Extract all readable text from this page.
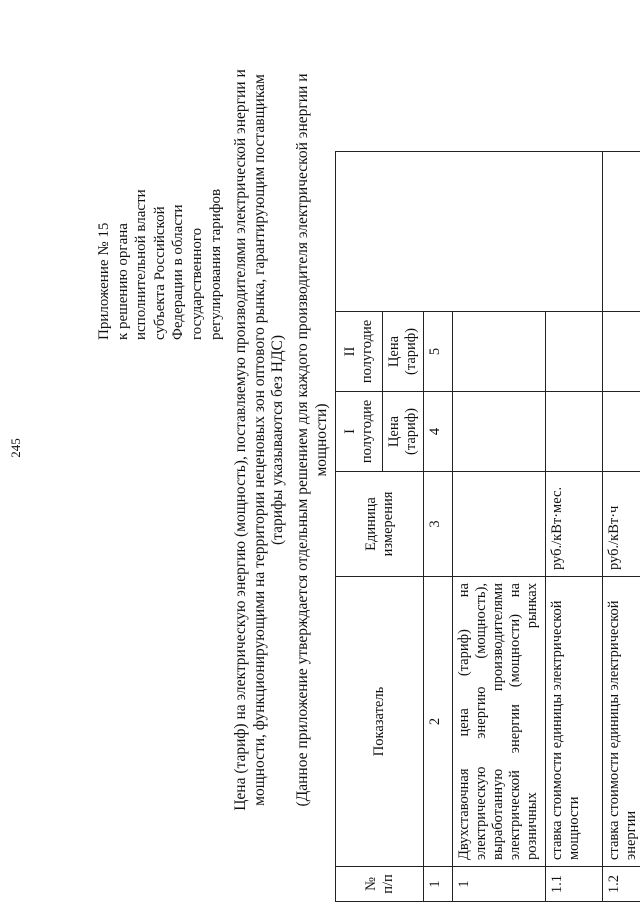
245
Приложение № 15 к решению органа исполнительной власти субъекта Российской Федерации в области государственного регулирования тарифов Цена (тариф) на электрическую энергию (мощность), поставляемую производителями электрической энергии и мощности, функционирующими на территории неценовых зон оптового рынка, гарантирующим поставщикам (тарифы указываются без НДС) (Данное приложение утверждается отдельным решением для каждого производителя электрической энергии и мощности)
№ п/п	Показатель	Единица измерения	I полугодие	II полугодие		
			Цена (тариф)	Цена (тариф)		
1	2	3	4	5		
1	Двухставочная цена (тариф) на электрическую энергию (мощность), выработанную производителями электрической энергии (мощности) на розничных рынках					
1.1	ставка стоимости единицы электрической мощности	руб./кВт·мес.				
1.2	ставка стоимости единицы электрической энергии	руб./кВт·ч				
